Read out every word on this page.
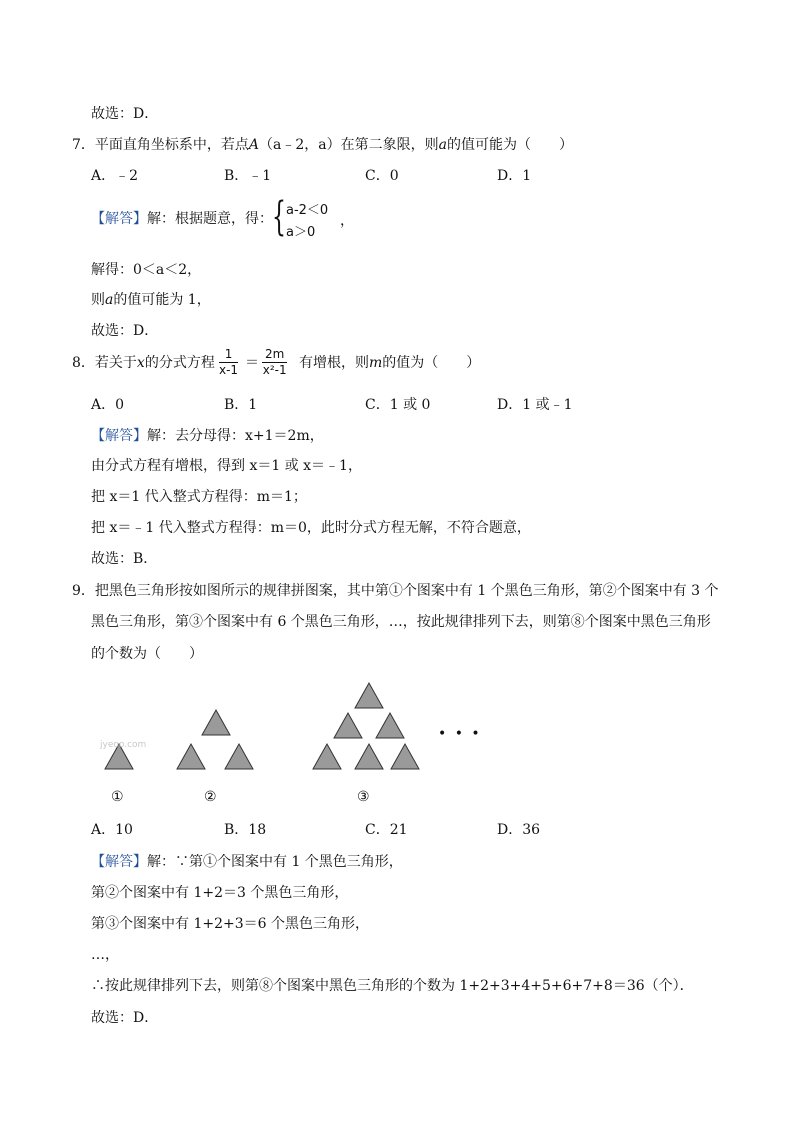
故选：D．
7．平面直角坐标系中，若点A（a﹣2，a）在第二象限，则a的值可能为（　　）
A．﹣2	B．﹣1	C．0	D．1
【解答】解：根据题意，得： { a-2＜0
a＞0
，
解得：0＜a＜2，
则a的值可能为 1，
故选：D．
8．若关于x的分式方程 $\frac{1}{x-1} = \frac{2m}{\text{x²-1}}$ 有增根，则m的值为（　　）
A．0	B．1	C．1 或 0	D．1 或﹣1
【解答】解：去分母得：x+1＝2m，
由分式方程有增根，得到 x＝1 或 x＝﹣1，
把 x＝1 代入整式方程得：m＝1；
把 x＝﹣1 代入整式方程得：m＝0，此时分式方程无解，不符合题意，
故选：B．
9．把黑色三角形按如图所示的规律拼图案，其中第①个图案中有 1 个黑色三角形，第②个图案中有 3 个
黑色三角形，第③个图案中有 6 个黑色三角形，…，按此规律排列下去，则第⑧个图案中黑色三角形
的个数为（　　）
jyeoo.com
• • •
①	②	③
A．10	B．18	C．21	D．36
【解答】解：∵第①个图案中有 1 个黑色三角形，
第②个图案中有 1+2＝3 个黑色三角形，
第③个图案中有 1+2+3＝6 个黑色三角形，
…，
∴按此规律排列下去，则第⑧个图案中黑色三角形的个数为 1+2+3+4+5+6+7+8＝36（个）．
故选：D．
